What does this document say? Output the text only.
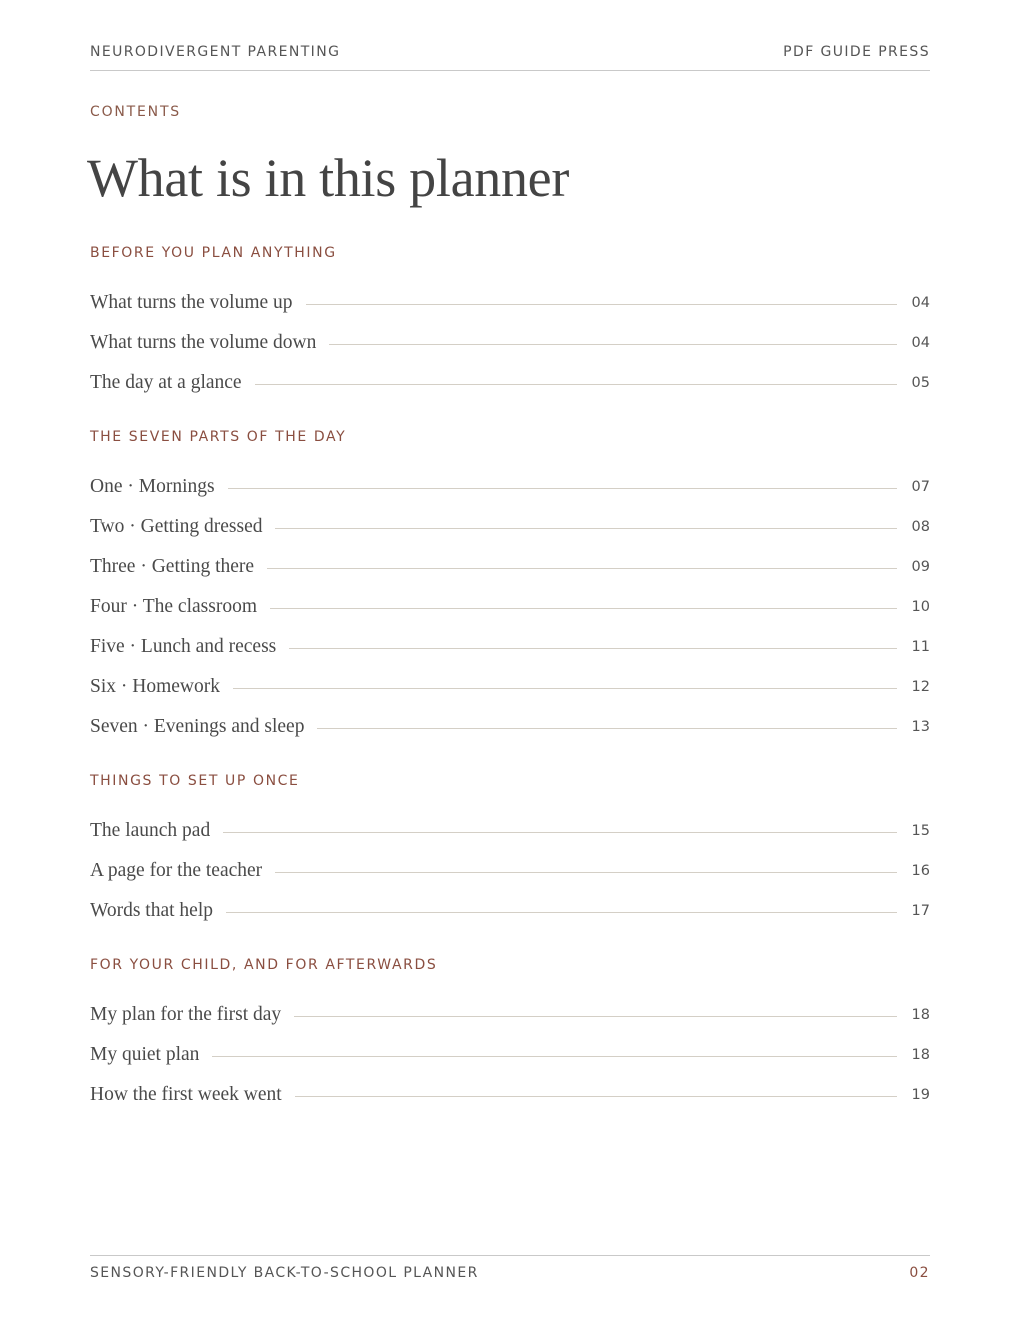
NEURODIVERGENT PARENTING	PDF GUIDE PRESS
CONTENTS
What is in this planner
BEFORE YOU PLAN ANYTHING
What turns the volume up	04
What turns the volume down	04
The day at a glance	05
THE SEVEN PARTS OF THE DAY
One · Mornings	07
Two · Getting dressed	08
Three · Getting there	09
Four · The classroom	10
Five · Lunch and recess	11
Six · Homework	12
Seven · Evenings and sleep	13
THINGS TO SET UP ONCE
The launch pad	15
A page for the teacher	16
Words that help	17
FOR YOUR CHILD, AND FOR AFTERWARDS
My plan for the first day	18
My quiet plan	18
How the first week went	19
SENSORY-FRIENDLY BACK-TO-SCHOOL PLANNER	02
